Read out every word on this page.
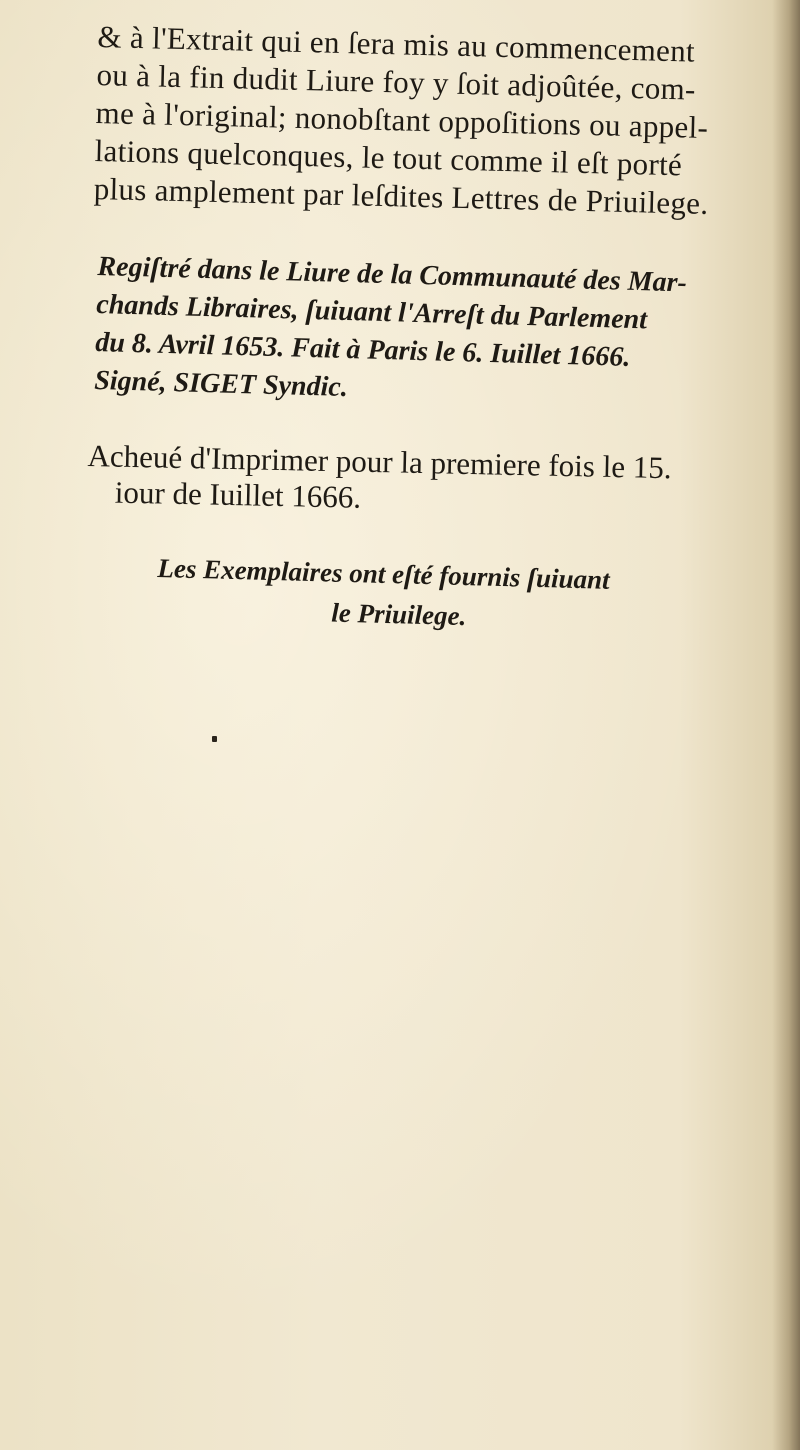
& à l'Extrait qui en ſera mis au commencement
ou à la fin dudit Liure foy y ſoit adjoûtée, com-
me à l'original; nonobſtant oppoſitions ou appel-
lations quelconques, le tout comme il eſt porté
plus amplement par leſdites Lettres de Priuilege.
Regiſtré dans le Liure de la Communauté des Mar-
chands Libraires, ſuiuant l'Arreſt du Parlement
du 8. Avril 1653. Fait à Paris le 6. Iuillet 1666.
Signé, SIGET Syndic.
Acheué d'Imprimer pour la premiere fois le 15.
iour de Iuillet 1666.
Les Exemplaires ont eſté fournis ſuiuant
le Priuilege.
